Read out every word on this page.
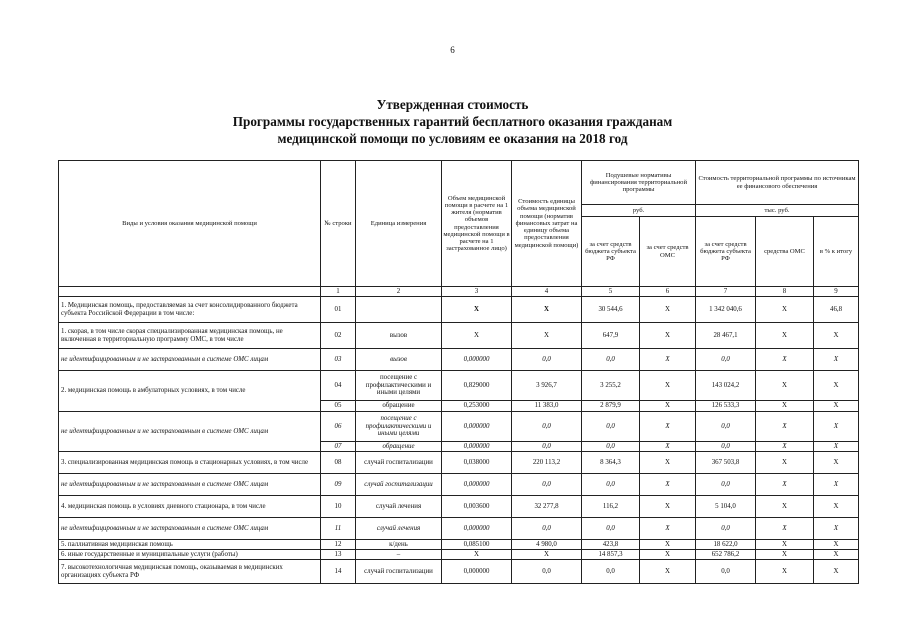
6
Утвержденная стоимость
Программы государственных гарантий бесплатного оказания гражданам
медицинской помощи по условиям ее оказания на 2018 год
Виды и условия оказания медицинской помощи	№ строки	Единица измерения	Объем медицинской помощи в расчете на 1 жителя (норматив объемов предоставления медицинской помощи в расчете на 1 застрахованное лицо)	Стоимость единицы объема медицинской помощи (норматив финансовых затрат на единицу объема предоставления медицинской помощи)	Подушевые нормативы финансирования территориальной программы		Стоимость территориальной программы по источникам ее финансового обеспечения		
					руб.		тыс. руб.		
					за счет средств бюджета субъекта РФ	за счет средств ОМС	за счет средств бюджета субъекта РФ	средства ОМС	в % к итогу
	1	2	3	4	5	6	7	8	9
1. Медицинская помощь, предоставляемая за счет консолидированного бюджета субъекта Российской Федерации в том числе:	01		X	X	30 544,6	X	1 342 040,6	X	46,8
1. скорая, в том числе скорая специализированная медицинская помощь, не включенная в территориальную программу ОМС, в том числе	02	вызов	X	X	647,9	X	28 467,1	X	X
не идентифицированным и не застрахованным в системе ОМС лицам	03	вызов	0,000000	0,0	0,0	X	0,0	X	X
2. медицинская помощь в амбулаторных условиях, в том числе	04	посещение с профилактическими и иными целями	0,829000	3 926,7	3 255,2	X	143 024,2	X	X
	05	обращение	0,253000	11 383,0	2 879,9	X	126 533,3	X	X
не идентифицированным и не застрахованным в системе ОМС лицам	06	посещение с профилактическими и иными целями	0,000000	0,0	0,0	X	0,0	X	X
	07	обращение	0,000000	0,0	0,0	X	0,0	X	X
3. специализированная медицинская помощь в стационарных условиях, в том числе	08	случай госпитализации	0,038000	220 113,2	8 364,3	X	367 503,8	X	X
не идентифицированным и не застрахованным в системе ОМС лицам	09	случай госпитализации	0,000000	0,0	0,0	X	0,0	X	X
4. медицинская помощь в условиях дневного стационара, в том числе	10	случай лечения	0,003600	32 277,8	116,2	X	5 104,0	X	X
не идентифицированным и не застрахованным в системе ОМС лицам	11	случай лечения	0,000000	0,0	0,0	X	0,0	X	X
5. паллиативная медицинская помощь	12	к/день	0,085100	4 980,0	423,8	X	18 622,0	X	X
6. иные государственные и муниципальные услуги (работы)	13	–	X	X	14 857,3	X	652 786,2	X	X
7. высокотехнологичная медицинская помощь, оказываемая в медицинских организациях субъекта РФ	14	случай госпитализации	0,000000	0,0	0,0	X	0,0	X	X
